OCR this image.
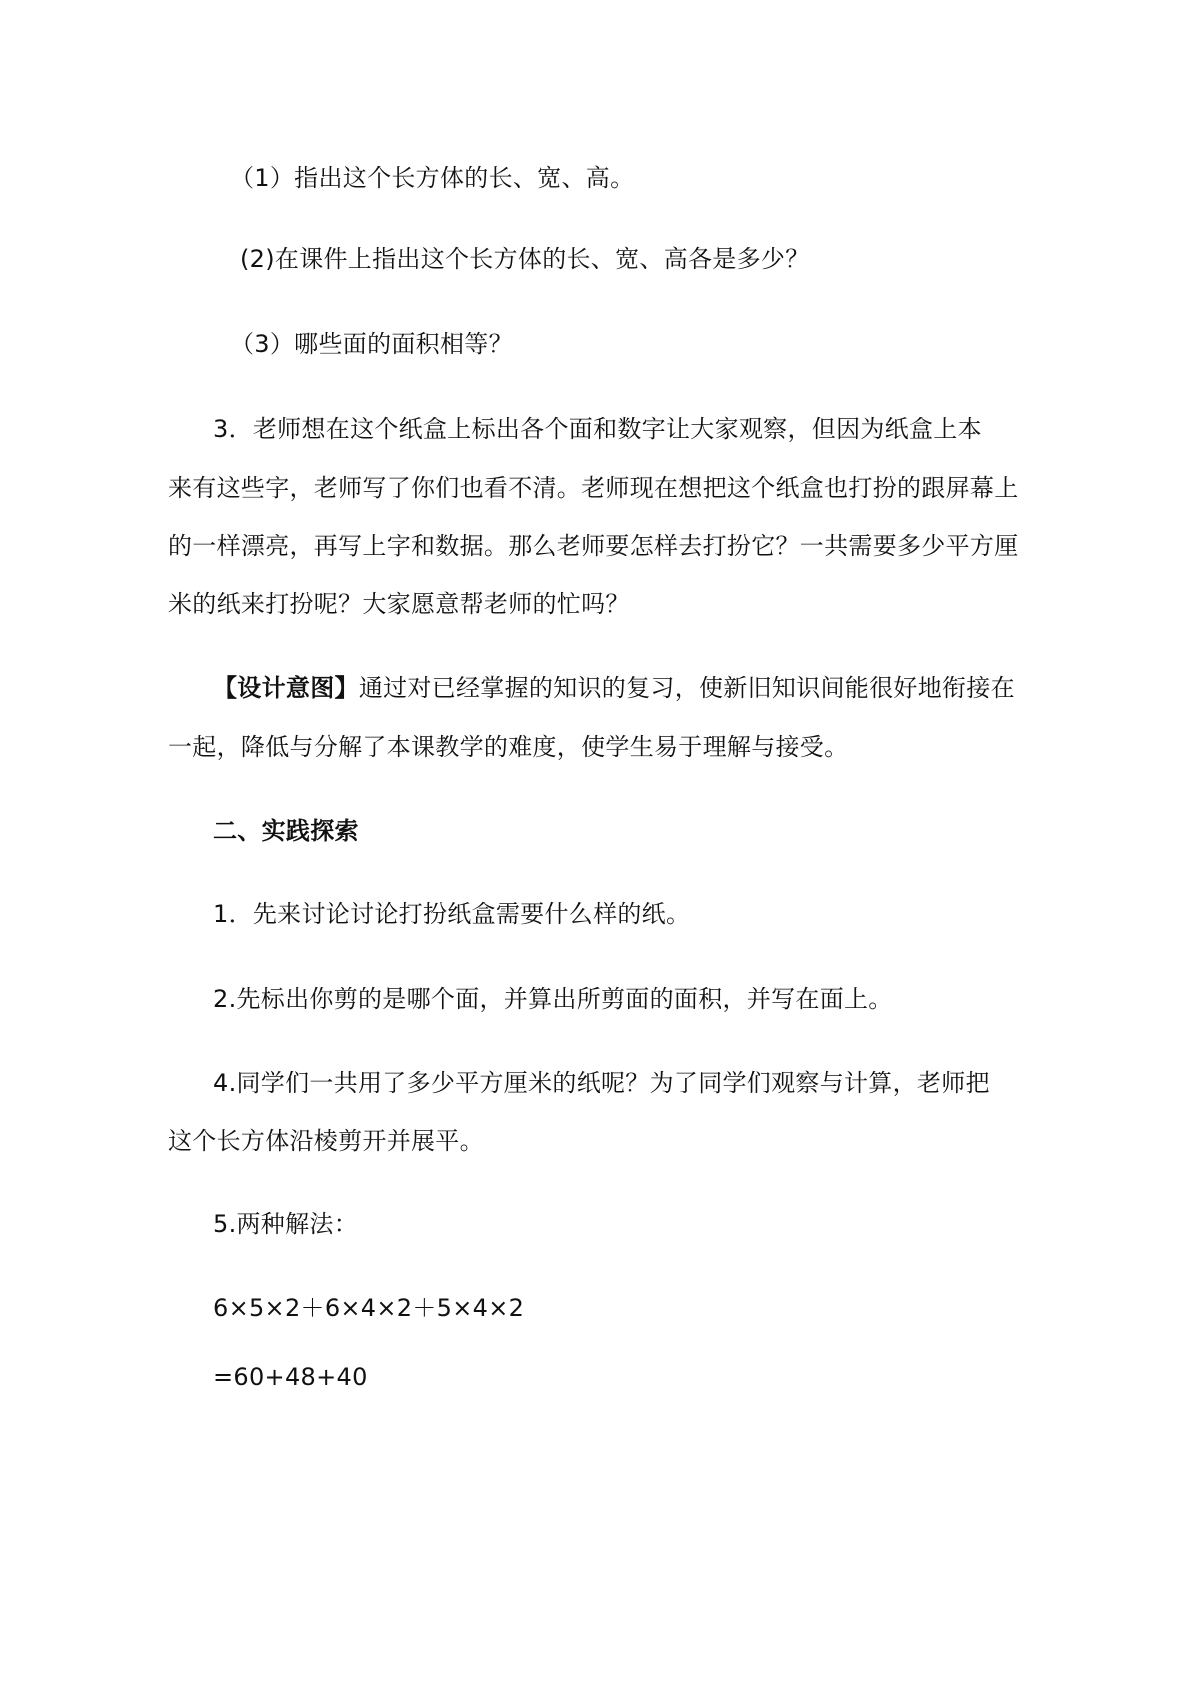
（1）指出这个长方体的长、宽、高。
(2)在课件上指出这个长方体的长、宽、高各是多少？
（3）哪些面的面积相等？
3．老师想在这个纸盒上标出各个面和数字让大家观察，但因为纸盒上本
来有这些字，老师写了你们也看不清。老师现在想把这个纸盒也打扮的跟屏幕上
的一样漂亮，再写上字和数据。那么老师要怎样去打扮它？一共需要多少平方厘
米的纸来打扮呢？大家愿意帮老师的忙吗？
【设计意图】通过对已经掌握的知识的复习，使新旧知识间能很好地衔接在
一起，降低与分解了本课教学的难度，使学生易于理解与接受。
二、实践探索
1．先来讨论讨论打扮纸盒需要什么样的纸。
2.先标出你剪的是哪个面，并算出所剪面的面积，并写在面上。
4.同学们一共用了多少平方厘米的纸呢？为了同学们观察与计算，老师把
这个长方体沿棱剪开并展平。
5.两种解法：
6×5×2＋6×4×2＋5×4×2
=60+48+40
